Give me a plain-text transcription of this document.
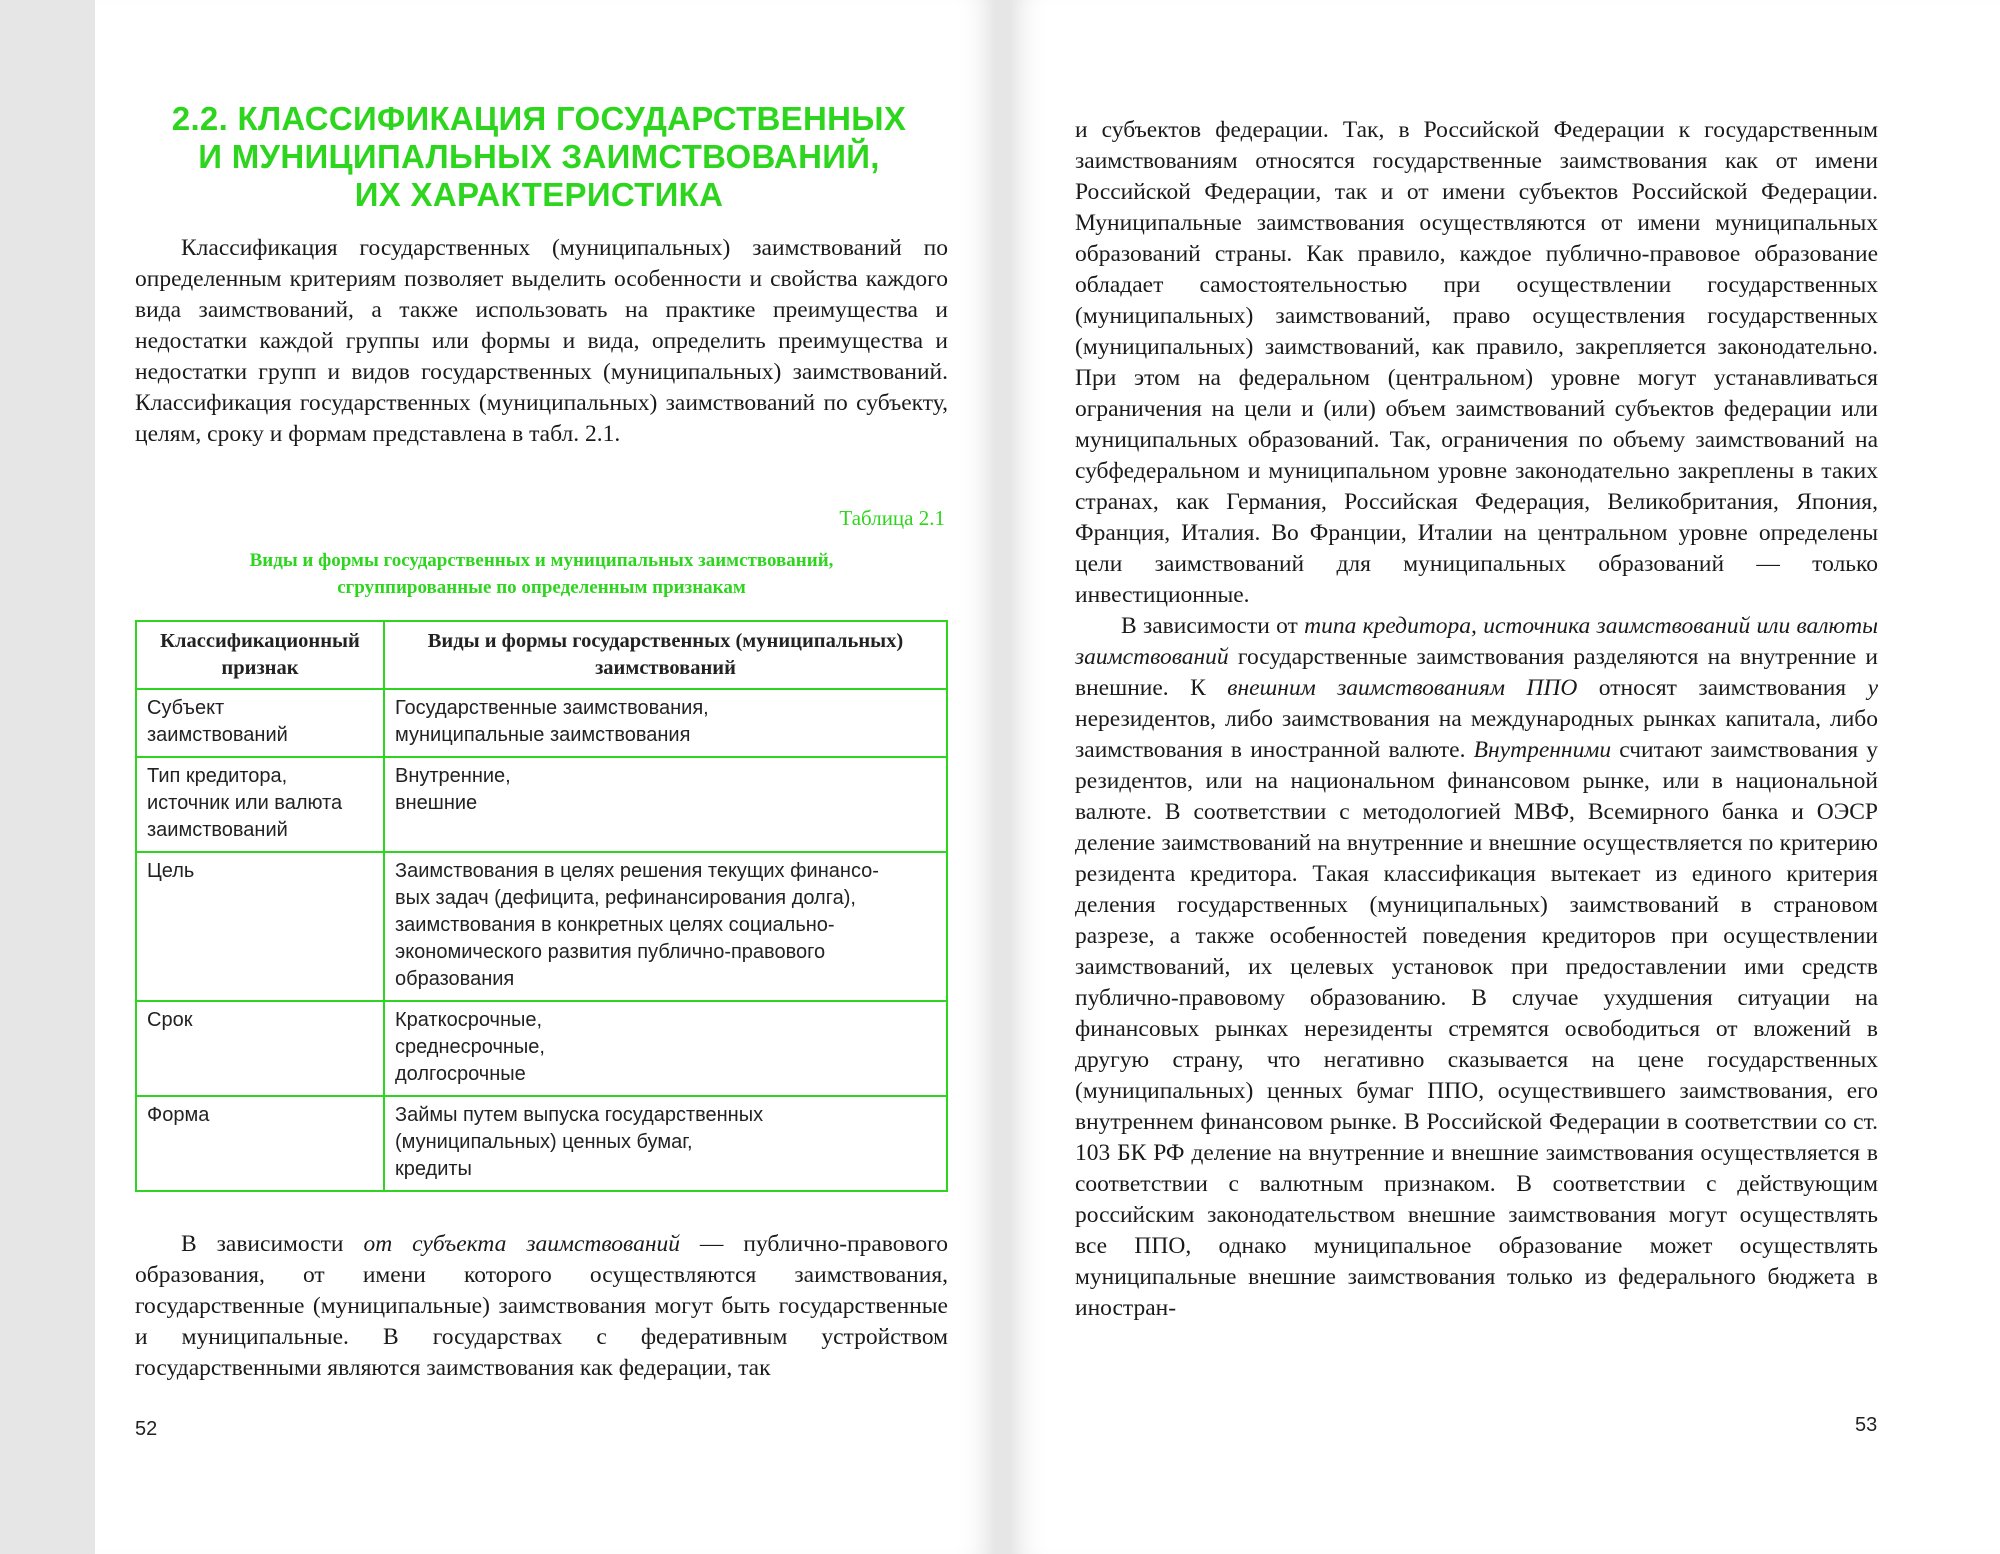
2.2. КЛАССИФИКАЦИЯ ГОСУДАРСТВЕННЫХ
И МУНИЦИПАЛЬНЫХ ЗАИМСТВОВАНИЙ,
ИХ ХАРАКТЕРИСТИКА

Классификация государственных (муниципальных) заимствований по определенным критериям позволяет выделить особенности и свойства каждого вида заимствований, а также использовать на практике преимущества и недостатки каждой группы или формы и вида, определить преимущества и недостатки групп и видов государственных (муниципальных) заимствований. Классификация государственных (муниципальных) заимствований по субъекту, целям, сроку и формам представлена в табл. 2.1.

Таблица 2.1
Виды и формы государственных и муниципальных заимствований,
сгруппированные по определенным признакам
Классификационный признак	Виды и формы государственных (муниципальных) заимствований

Субъект
заимствований	Государственные заимствования,
муниципальные заимствования

Тип кредитора,
источник или валюта
заимствований	Внутренние,
внешние

Цель	Заимствования в целях решения текущих финансо-
вых задач (дефицита, рефинансирования долга),
заимствования в конкретных целях социально-
экономического развития публично-правового
образования

Срок	Краткосрочные,
среднесрочные,
долгосрочные

Форма	Займы путем выпуска государственных
(муниципальных) ценных бумаг,
кредиты

В зависимости от субъекта заимствований — публично-правового образования, от имени которого осуществляются заимствования, государственные (муниципальные) заимствования могут быть государственные и муниципальные. В государствах с федеративным устройством государственными являются заимствования как федерации, так

52

и субъектов федерации. Так, в Российской Федерации к государственным заимствованиям относятся государственные заимствования как от имени Российской Федерации, так и от имени субъектов Российской Федерации. Муниципальные заимствования осуществляются от имени муниципальных образований страны. Как правило, каждое публично-правовое образование обладает самостоятельностью при осуществлении государственных (муниципальных) заимствований, право осуществления государственных (муниципальных) заимствований, как правило, закрепляется законодательно. При этом на федеральном (центральном) уровне могут устанавливаться ограничения на цели и (или) объем заимствований субъектов федерации или муниципальных образований. Так, ограничения по объему заимствований на субфедеральном и муниципальном уровне законодательно закреплены в таких странах, как Германия, Российская Федерация, Великобритания, Япония, Франция, Италия. Во Франции, Италии на центральном уровне определены цели заимствований для муниципальных образований — только инвестиционные.

В зависимости от типа кредитора, источника заимствований или валюты заимствований государственные заимствования разделяются на внутренние и внешние. К внешним заимствованиям ППО относят заимствования у нерезидентов, либо заимствования на международных рынках капитала, либо заимствования в иностранной валюте. Внутренними считают заимствования у резидентов, или на национальном финансовом рынке, или в национальной валюте. В соответствии с методологией МВФ, Всемирного банка и ОЭСР деление заимствований на внутренние и внешние осуществляется по критерию резидента кредитора. Такая классификация вытекает из единого критерия деления государственных (муниципальных) заимствований в страновом разрезе, а также особенностей поведения кредиторов при осуществлении заимствований, их целевых установок при предоставлении ими средств публично-правовому образованию. В случае ухудшения ситуации на финансовых рынках нерезиденты стремятся освободиться от вложений в другую страну, что негативно сказывается на цене государственных (муниципальных) ценных бумаг ППО, осуществившего заимствования, его внутреннем финансовом рынке. В Российской Федерации в соответствии со ст. 103 БК РФ деление на внутренние и внешние заимствования осуществляется в соответствии с валютным признаком. В соответствии с действующим российским законодательством внешние заимствования могут осуществлять все ППО, однако муниципальное образование может осуществлять муниципальные внешние заимствования только из федерального бюджета в иностран-

53
